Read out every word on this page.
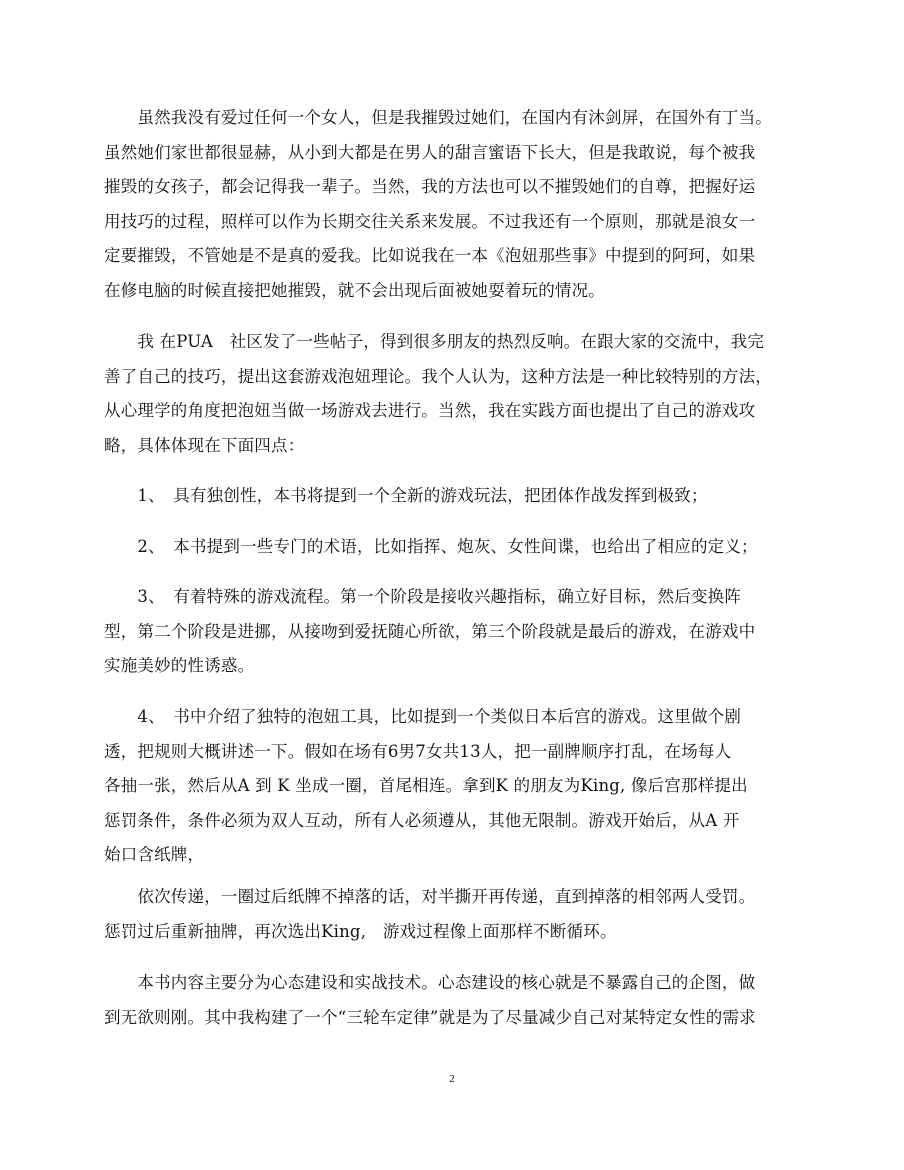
　　虽然我没有爱过任何一个女人，但是我摧毁过她们，在国内有沐剑屏，在国外有丁当。
虽然她们家世都很显赫，从小到大都是在男人的甜言蜜语下长大，但是我敢说，每个被我
摧毁的女孩子，都会记得我一辈子。当然，我的方法也可以不摧毁她们的自尊，把握好运
用技巧的过程，照样可以作为长期交往关系来发展。不过我还有一个原则，那就是浪女一
定要摧毁，不管她是不是真的爱我。比如说我在一本《泡妞那些事》中提到的阿珂，如果
在修电脑的时候直接把她摧毁，就不会出现后面被她耍着玩的情况。
　　我 在PUA　社区发了一些帖子，得到很多朋友的热烈反响。在跟大家的交流中，我完
善了自己的技巧，提出这套游戏泡妞理论。我个人认为，这种方法是一种比较特别的方法，
从心理学的角度把泡妞当做一场游戏去进行。当然，我在实践方面也提出了自己的游戏攻
略，具体体现在下面四点：
　　1、　具有独创性，本书将提到一个全新的游戏玩法，把团体作战发挥到极致；
　　2、　本书提到一些专门的术语，比如指挥、炮灰、女性间谍，也给出了相应的定义；
　　3、　有着特殊的游戏流程。第一个阶段是接收兴趣指标，确立好目标，然后变换阵
型，第二个阶段是进挪，从接吻到爱抚随心所欲，第三个阶段就是最后的游戏，在游戏中
实施美妙的性诱惑。
　　4、　书中介绍了独特的泡妞工具，比如提到一个类似日本后宫的游戏。这里做个剧
透，把规则大概讲述一下。假如在场有6男7女共13人，把一副牌顺序打乱，在场每人
各抽一张，然后从A 到 K 坐成一圈，首尾相连。拿到K 的朋友为King, 像后宫那样提出
惩罚条件，条件必须为双人互动，所有人必须遵从，其他无限制。游戏开始后，从A 开
始口含纸牌，
　　依次传递，一圈过后纸牌不掉落的话，对半撕开再传递，直到掉落的相邻两人受罚。
惩罚过后重新抽牌，再次选出King,　游戏过程像上面那样不断循环。
　　本书内容主要分为心态建设和实战技术。心态建设的核心就是不暴露自己的企图，做
到无欲则刚。其中我构建了一个“三轮车定律”就是为了尽量减少自己对某特定女性的需求
2
